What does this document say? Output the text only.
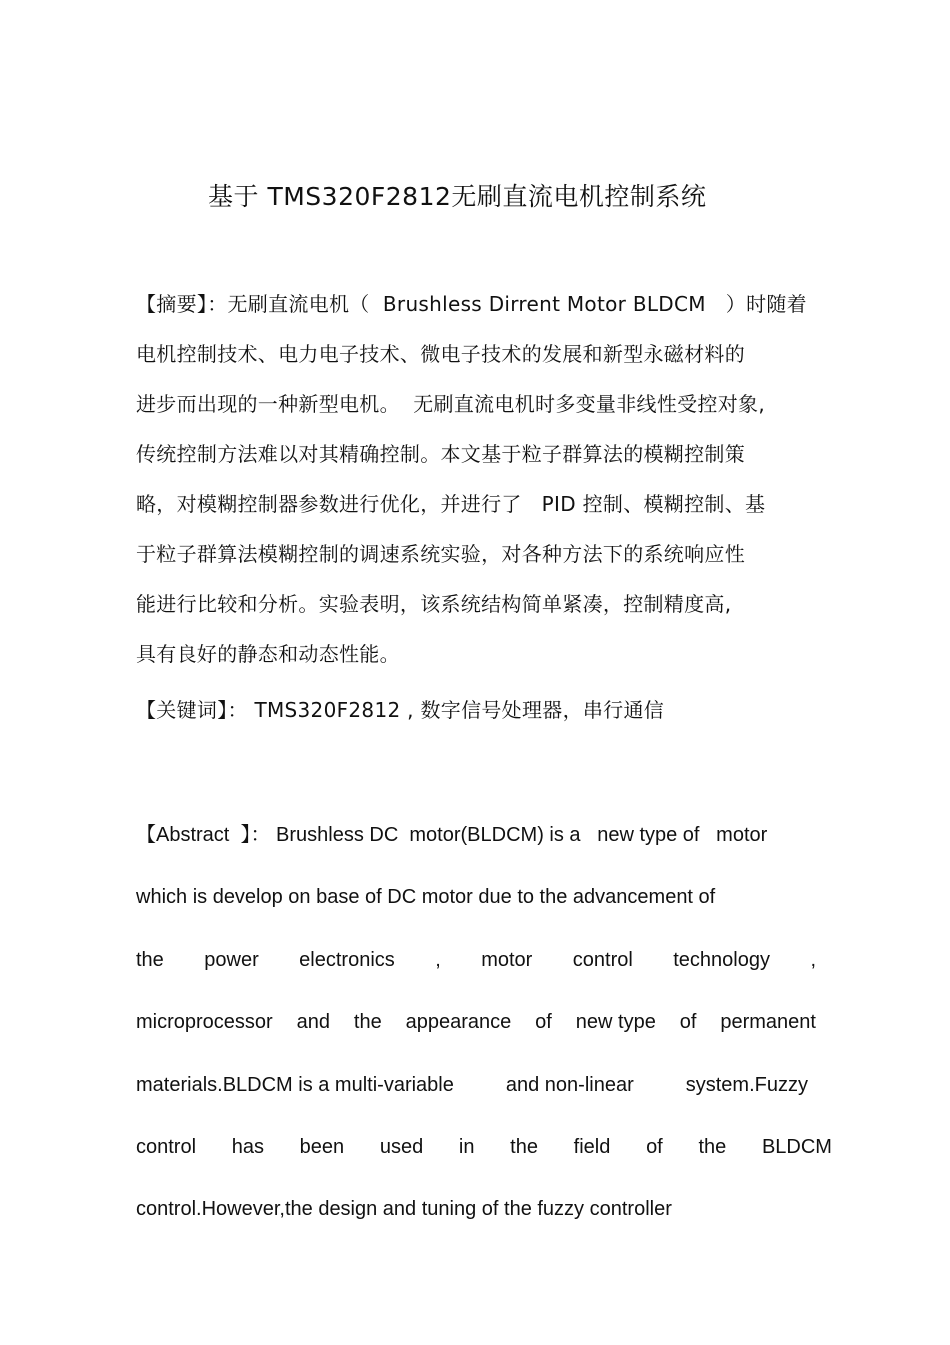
基于 TMS320F2812无刷直流电机控制系统
【摘要】：无刷直流电机（  Brushless Dirrent Motor BLDCM   ）时随着
电机控制技术、电力电子技术、微电子技术的发展和新型永磁材料的
进步而出现的一种新型电机。  无刷直流电机时多变量非线性受控对象,
传统控制方法难以对其精确控制。本文基于粒子群算法的模糊控制策
略，对模糊控制器参数进行优化，并进行了   PID 控制、模糊控制、基
于粒子群算法模糊控制的调速系统实验，对各种方法下的系统响应性
能进行比较和分析。实验表明，该系统结构简单紧凑，控制精度高,
具有良好的静态和动态性能。
【关键词】： TMS320F2812 , 数字信号处理器，串行通信
【Abstract  】： Brushless DC  motor(BLDCM) is a   new type of   motor
which is develop on base of DC motor due to the advancement of
the power electronics , motor control technology ,
microprocessor and the appearance of new type of permanent
materials.BLDCM is a multi-variable	and non-linear	system.Fuzzy
control has been used in the field of the BLDCM
control.However,the design and tuning of the fuzzy controller
